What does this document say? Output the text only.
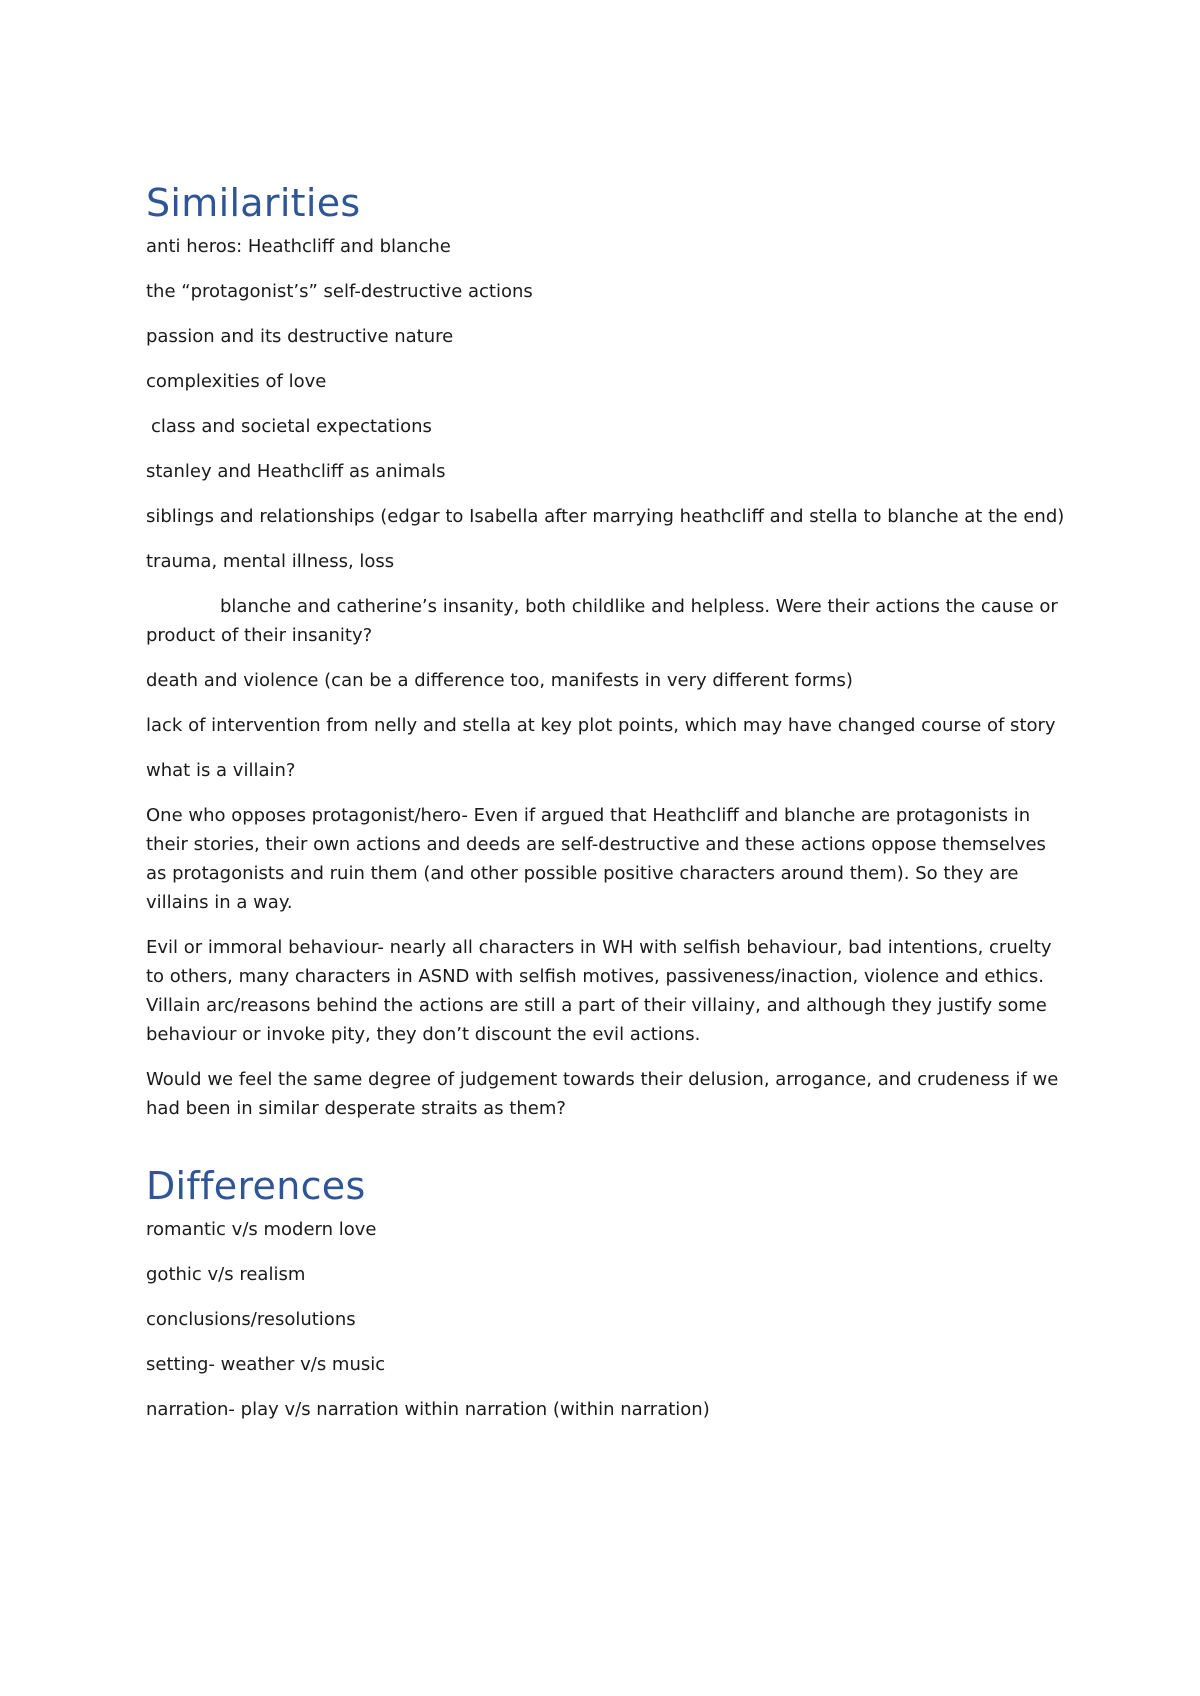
Similarities

anti heros: Heathcliff and blanche

the “protagonist’s” self-destructive actions

passion and its destructive nature

complexities of love

class and societal expectations

stanley and Heathcliff as animals

siblings and relationships (edgar to Isabella after marrying heathcliff and stella to blanche at the end)

trauma, mental illness, loss

blanche and catherine’s insanity, both childlike and helpless. Were their actions the cause or product of their insanity?

death and violence (can be a difference too, manifests in very different forms)

lack of intervention from nelly and stella at key plot points, which may have changed course of story

what is a villain?

One who opposes protagonist/hero- Even if argued that Heathcliff and blanche are protagonists in their stories, their own actions and deeds are self-destructive and these actions oppose themselves as protagonists and ruin them (and other possible positive characters around them). So they are villains in a way.

Evil or immoral behaviour- nearly all characters in WH with selfish behaviour, bad intentions, cruelty to others, many characters in ASND with selfish motives, passiveness/inaction, violence and ethics. Villain arc/reasons behind the actions are still a part of their villainy, and although they justify some behaviour or invoke pity, they don’t discount the evil actions.

Would we feel the same degree of judgement towards their delusion, arrogance, and crudeness if we had been in similar desperate straits as them?

Differences

romantic v/s modern love

gothic v/s realism

conclusions/resolutions

setting- weather v/s music

narration- play v/s narration within narration (within narration)
